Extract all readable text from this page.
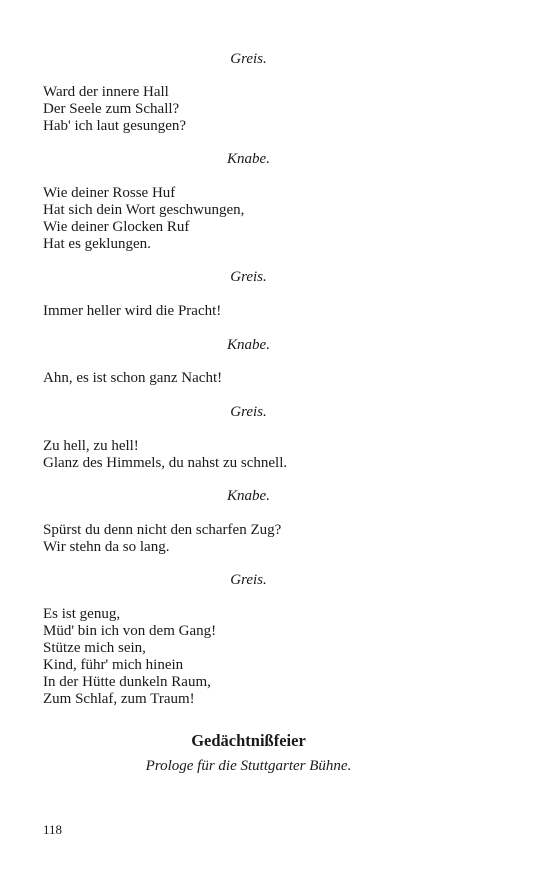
Greis.
Ward der innere Hall
Der Seele zum Schall?
Hab' ich laut gesungen?
Knabe.
Wie deiner Rosse Huf
Hat sich dein Wort geschwungen,
Wie deiner Glocken Ruf
Hat es geklungen.
Greis.
Immer heller wird die Pracht!
Knabe.
Ahn, es ist schon ganz Nacht!
Greis.
Zu hell, zu hell!
Glanz des Himmels, du nahst zu schnell.
Knabe.
Spürst du denn nicht den scharfen Zug?
Wir stehn da so lang.
Greis.
Es ist genug,
Müd' bin ich von dem Gang!
Stütze mich sein,
Kind, führ' mich hinein
In der Hütte dunkeln Raum,
Zum Schlaf, zum Traum!
Gedächtnißfeier
Prologe für die Stuttgarter Bühne.
118
